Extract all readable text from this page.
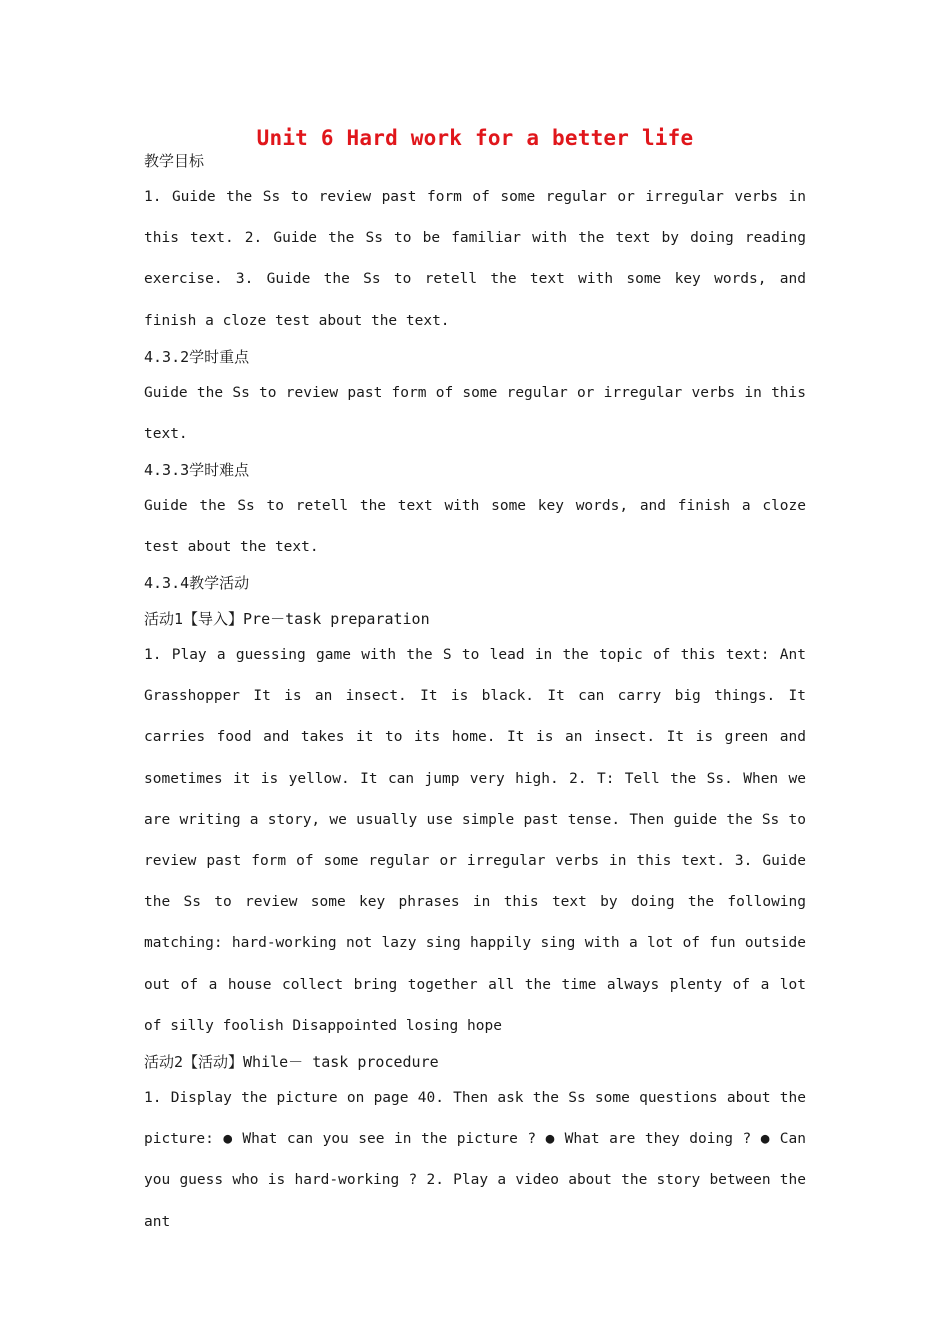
Unit 6 Hard work for a better life
教学目标
1. Guide the Ss to review past form of some regular or irregular verbs in this text. 2. Guide the Ss to be familiar with the text by doing reading exercise. 3. Guide the Ss to retell the text with some key words, and finish a cloze test about the text.
4.3.2学时重点
Guide the Ss to review past form of some regular or irregular verbs in this text.
4.3.3学时难点
Guide the Ss to retell the text with some key words, and finish a cloze test about the text.
4.3.4教学活动
活动1【导入】Pre－task preparation
1. Play a guessing game with the S to lead in the topic of this text: Ant Grasshopper It is an insect. It is black. It can carry big things. It carries food and takes it to its home. It is an insect. It is green and sometimes it is yellow. It can jump very high. 2. T: Tell the Ss. When we are writing a story, we usually use simple past tense. Then guide the Ss to review past form of some regular or irregular verbs in this text. 3. Guide the Ss to review some key phrases in this text by doing the following matching: hard-working not lazy sing happily sing with a lot of fun outside out of a house collect bring together all the time always plenty of a lot of silly foolish Disappointed losing hope
活动2【活动】While－ task procedure
1. Display the picture on page 40. Then ask the Ss some questions about the picture: ● What can you see in the picture ? ● What are they doing ? ● Can you guess who is hard-working ? 2. Play a video about the story between the ant
